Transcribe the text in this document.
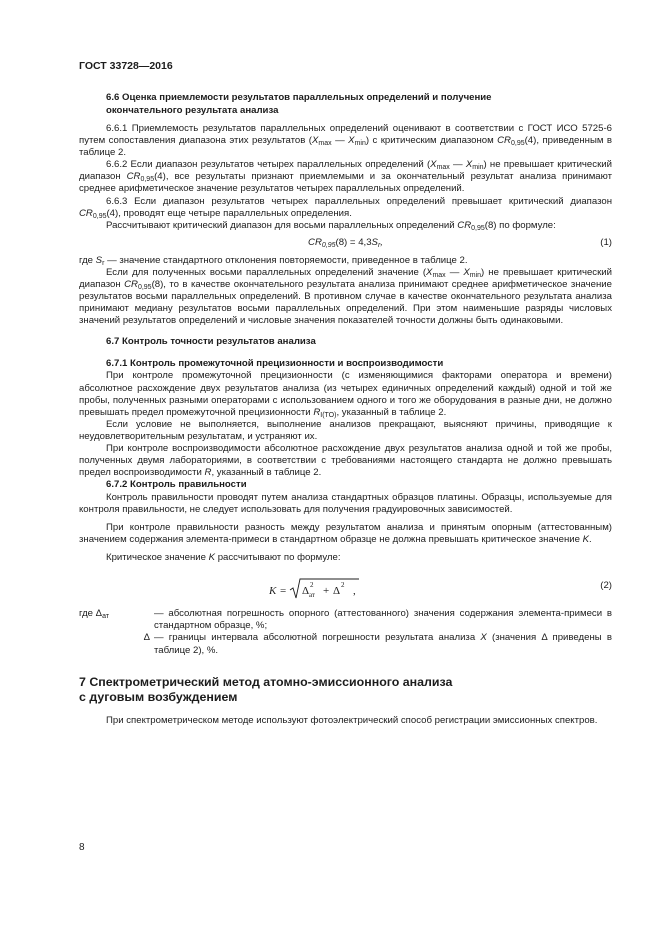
ГОСТ 33728—2016

6.6 Оценка приемлемости результатов параллельных определений и получение
окончательного результата анализа

6.6.1 Приемлемость результатов параллельных определений оценивают в соответствии с ГОСТ ИСО 5725-6 путем сопоставления диапазона этих результатов ($X_{max}$ — $X_{min}$) с критическим диапазоном $CR_{0,95}(4)$, приведенным в таблице 2.

6.6.2 Если диапазон результатов четырех параллельных определений ($X_{max}$ — $X_{min}$) не превышает критический диапазон $CR_{0,95}(4)$, все результаты признают приемлемыми и за окончательный результат анализа принимают среднее арифметическое значение результатов четырех параллельных определений.

6.6.3 Если диапазон результатов четырех параллельных определений превышает критический диапазон $CR_{0,95}(4)$, проводят еще четыре параллельных определения.

Рассчитывают критический диапазон для восьми параллельных определений $CR_{0,95}(8)$ по формуле:

$CR_{0,95}(8) = 4,3S_r$,	(1)

где $S_r$ — значение стандартного отклонения повторяемости, приведенное в таблице 2.

Если для полученных восьми параллельных определений значение ($X_{max}$ — $X_{min}$) не превышает критический диапазон $CR_{0,95}(8)$, то в качестве окончательного результата анализа принимают среднее арифметическое значение результатов восьми параллельных определений. В противном случае в качестве окончательного результата анализа принимают медиану результатов восьми параллельных определений. При этом наименьшие разряды числовых значений результатов определений и числовые значения показателей точности должны быть одинаковыми.

6.7 Контроль точности результатов анализа

6.7.1 Контроль промежуточной прецизионности и воспроизводимости

При контроле промежуточной прецизионности (с изменяющимися факторами оператора и времени) абсолютное расхождение двух результатов анализа (из четырех единичных определений каждый) одной и той же пробы, полученных разными операторами с использованием одного и того же оборудования в разные дни, не должно превышать предел промежуточной прецизионности $R_{I(TO)}$, указанный в таблице 2.

Если условие не выполняется, выполнение анализов прекращают, выясняют причины, приводящие к неудовлетворительным результатам, и устраняют их.

При контроле воспроизводимости абсолютное расхождение двух результатов анализа одной и той же пробы, полученных двумя лабораториями, в соответствии с требованиями настоящего стандарта не должно превышать предел воспроизводимости R, указанный в таблице 2.

6.7.2 Контроль правильности

Контроль правильности проводят путем анализа стандартных образцов платины. Образцы, используемые для контроля правильности, не следует использовать для получения градуировочных зависимостей.

При контроле правильности разность между результатом анализа и принятым опорным (аттестованным) значением содержания элемента-примеси в стандартном образце не должна превышать критическое значение K.

Критическое значение K рассчитывают по формуле:

K = Δ 2
ат + Δ 2 ,	(2)
где $\Delta_{ат}$	— абсолютная погрешность опорного (аттестованного) значения содержания элемента-примеси в стандартном образце, %;
Δ — границы интервала абсолютной погрешности результата анализа X (значения Δ приведены в таблице 2), %.

7 Спектрометрический метод атомно-эмиссионного анализа
с дуговым возбуждением

При спектрометрическом методе используют фотоэлектрический способ регистрации эмиссионных спектров.

8
